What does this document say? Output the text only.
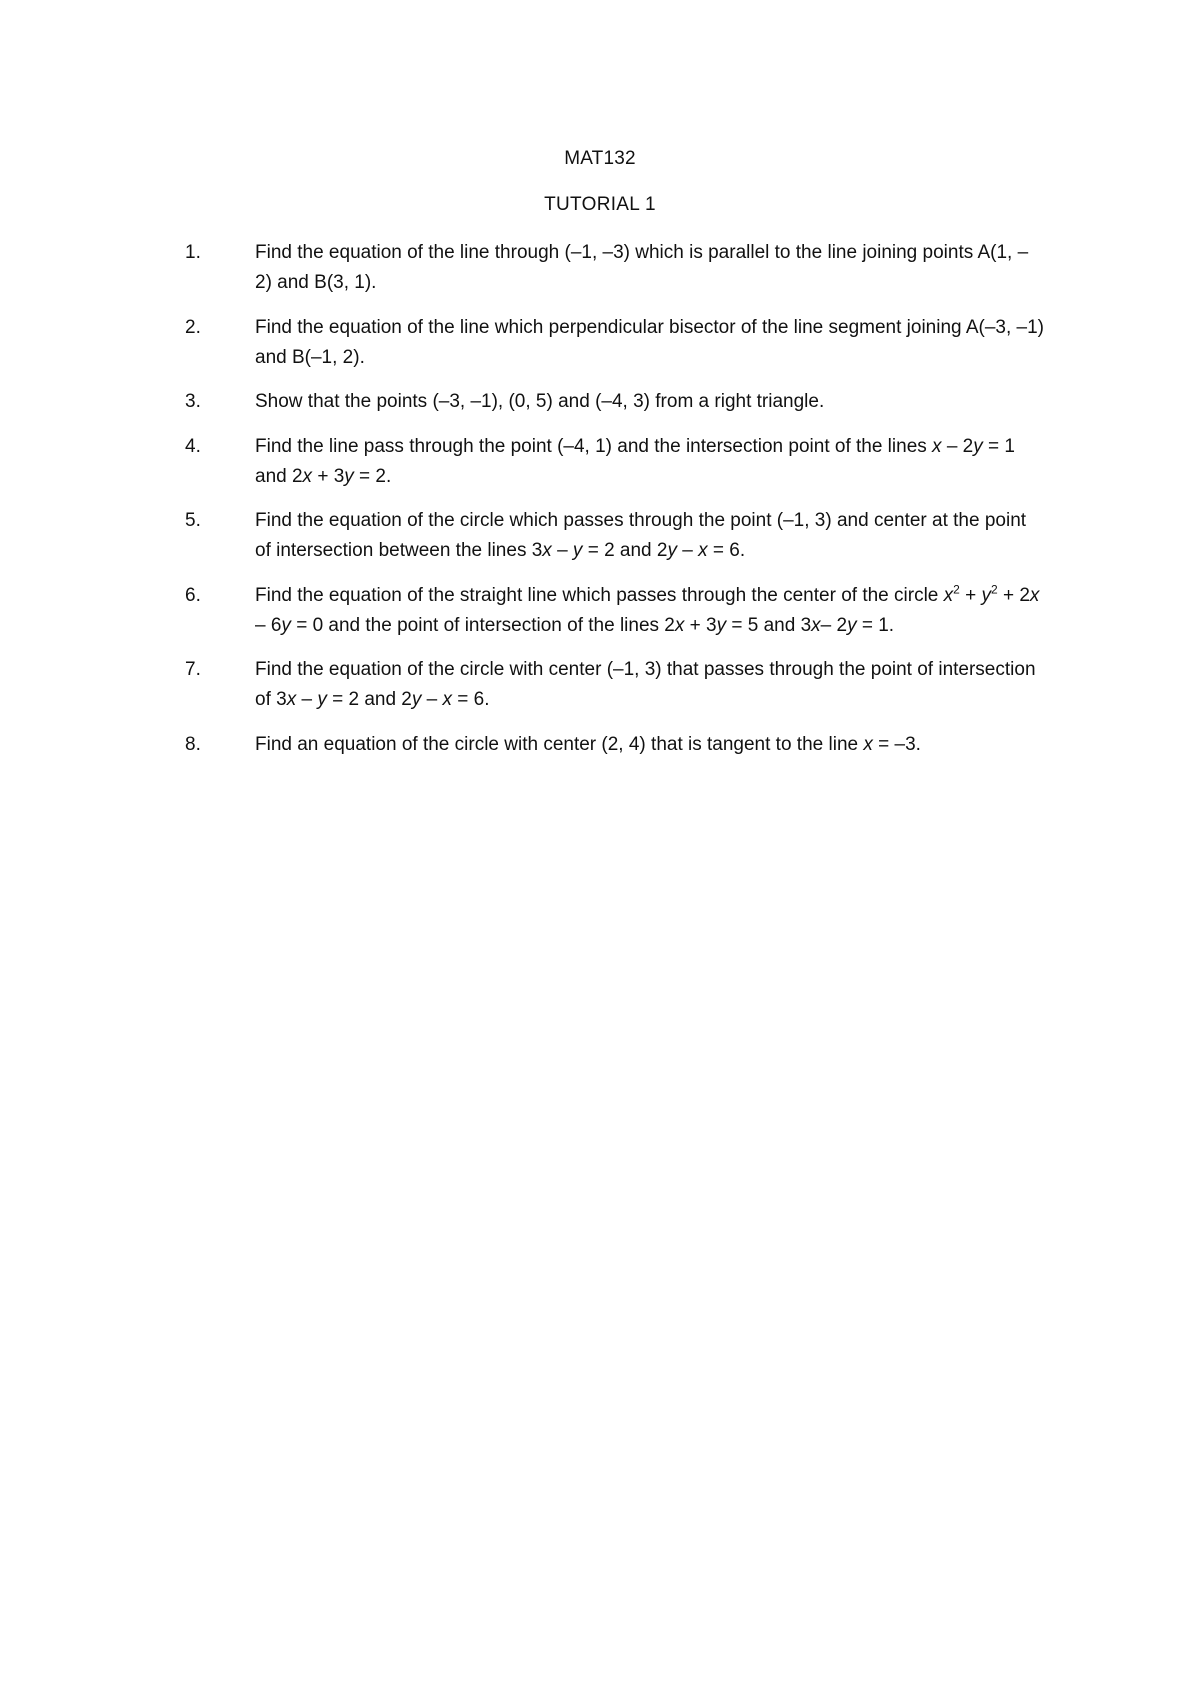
MAT132
TUTORIAL 1
1.	Find the equation of the line through (–1, –3) which is parallel to the line joining points A(1, –2) and B(3, 1).
2.	Find the equation of the line which perpendicular bisector of the line segment joining A(–3, –1) and B(–1, 2).
3.	Show that the points (–3, –1), (0, 5) and (–4, 3) from a right triangle.
4.	Find the line pass through the point (–4, 1) and the intersection point of the lines x – 2y = 1 and 2x + 3y = 2.
5.	Find the equation of the circle which passes through the point (–1, 3) and center at the point of intersection between the lines 3x – y = 2 and 2y – x = 6.
6.	Find the equation of the straight line which passes through the center of the circle $x^2 + y^2 + 2x - 6y = 0$ and the point of intersection of the lines 2x + 3y = 5 and 3x– 2y = 1.
7.	Find the equation of the circle with center (–1, 3) that passes through the point of intersection of 3x – y = 2 and 2y – x = 6.
8.	Find an equation of the circle with center (2, 4) that is tangent to the line x = –3.
